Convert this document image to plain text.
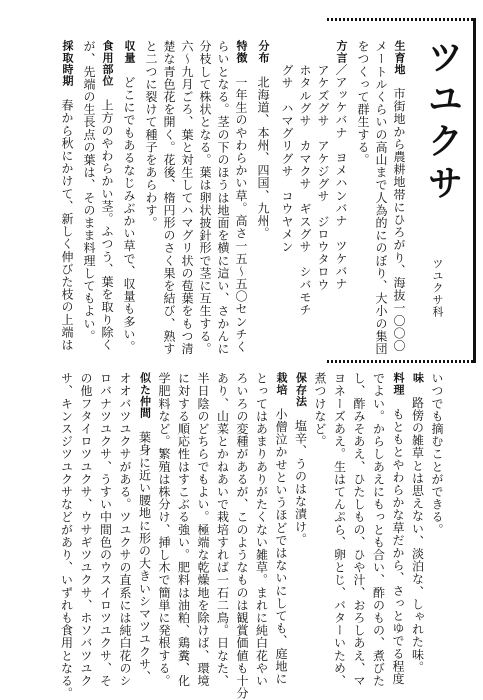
ツユクサ
ツユクサ科
生育地　市街地から農耕地帯にひろがり、海抜一〇〇〇
メートルくらいの高山まで人為的にのぼり、大小の集団
をつくって群生する。
方言／アッケバナ　ヨメハンバナ　ツケバナ
アケズグサ　アケジグサ　ジロウタロウ
ホタルグサ　カマクサ　ギスグサ　シバモチ
グサ　ハマグリグサ　コウヤメン
分布　北海道、本州、四国、九州。
特徴　一年生のやわらかい草。高さ一五〜五〇センチく
らいとなる。茎の下のほうは地面を横に這い、さかんに
分枝して株状となる。葉は卵状披針形で茎に互生する。
六〜九月ごろ、葉と対生してハマグリ状の苞葉をもつ清
楚な青色花を開く。花後、楕円形のさく果を結び、熟す
と二つに裂けて種子をあらわす。
収量　どこにでもあるなじみぶかい草で、収量も多い。
食用部位　上方のやわらかい茎。ふつう、葉を取り除く
が、先端の生長点の葉は、そのまま料理してもよい。
採取時期　春から秋にかけて、新しく伸びた枝の上端は
いつでも摘むことができる。
味　路傍の雑草とは思えない、淡泊な、しゃれた味。
料理　もともとやわらかな草だから、さっとゆでる程度
でよい。からしあえにもっとも合い、酢のもの、煮びた
し、酢みそあえ、ひたしもの、ひや汁、おろしあえ、マ
ヨネーズあえ。生はてんぷら、卵とじ、バターいため、
煮つけなど。
保存法　塩辛、うのはな漬け。
栽培　小僧泣かせというほどではないにしても、庭地に
とってはあまりありがたくない雑草。まれに純白花やい
ろいろの変種があるが、このようなものは観賞価値も十分
あり、山菜とかねあいで栽培すれば一石二鳥。日なた、
半日陰のどちらでもよい。極端な乾燥地を除けば、環境
に対する順応性はすこぶる強い。肥料は油粕、鶏糞、化
学肥料など。繁殖は株分け、挿し木で簡単に発根する。
似た仲間　葉身に近い腰地に形の大きいシマツユクサ、
オオバツユクサがある。ツユクサの直系には純白花のシ
ロバナツユクサ、うすい中間色のウスイロツユクサ、そ
の他フタイロツユクサ、ウサギツユクサ、ホソバツユク
サ、キンスジツユクサなどがあり、いずれも食用となる。
